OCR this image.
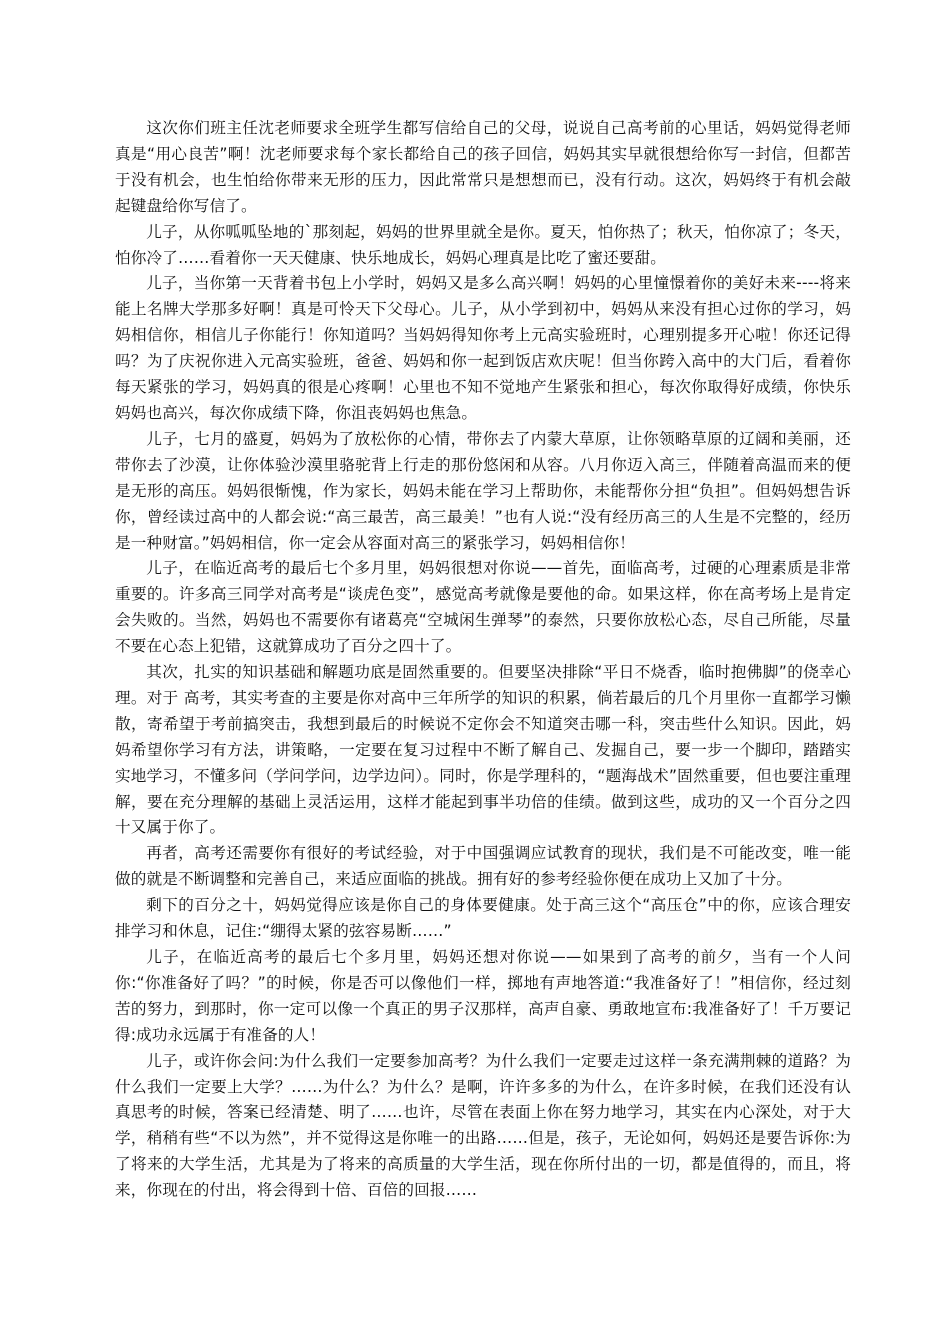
这次你们班主任沈老师要求全班学生都写信给自己的父母，说说自己高考前的心里话，妈妈觉得老师真是“用心良苦”啊！沈老师要求每个家长都给自己的孩子回信，妈妈其实早就很想给你写一封信，但都苦于没有机会，也生怕给你带来无形的压力，因此常常只是想想而已，没有行动。这次，妈妈终于有机会敲起键盘给你写信了。

儿子，从你呱呱坠地的`那刻起，妈妈的世界里就全是你。夏天，怕你热了；秋天，怕你凉了；冬天，怕你冷了……看着你一天天健康、快乐地成长，妈妈心理真是比吃了蜜还要甜。

儿子，当你第一天背着书包上小学时，妈妈又是多么高兴啊！妈妈的心里憧憬着你的美好未来----将来能上名牌大学那多好啊！真是可怜天下父母心。儿子，从小学到初中，妈妈从来没有担心过你的学习，妈妈相信你，相信儿子你能行！你知道吗？当妈妈得知你考上元高实验班时，心理别提多开心啦！你还记得吗？为了庆祝你进入元高实验班，爸爸、妈妈和你一起到饭店欢庆呢！但当你跨入高中的大门后，看着你每天紧张的学习，妈妈真的很是心疼啊！心里也不知不觉地产生紧张和担心，每次你取得好成绩，你快乐妈妈也高兴，每次你成绩下降，你沮丧妈妈也焦急。

儿子，七月的盛夏，妈妈为了放松你的心情，带你去了内蒙大草原，让你领略草原的辽阔和美丽，还带你去了沙漠，让你体验沙漠里骆驼背上行走的那份悠闲和从容。八月你迈入高三，伴随着高温而来的便是无形的高压。妈妈很惭愧，作为家长，妈妈未能在学习上帮助你，未能帮你分担“负担”。但妈妈想告诉你，曾经读过高中的人都会说:“高三最苦，高三最美！”也有人说:“没有经历高三的人生是不完整的，经历是一种财富。”妈妈相信，你一定会从容面对高三的紧张学习，妈妈相信你！

儿子，在临近高考的最后七个多月里，妈妈很想对你说——首先，面临高考，过硬的心理素质是非常重要的。许多高三同学对高考是“谈虎色变”，感觉高考就像是要他的命。如果这样，你在高考场上是肯定会失败的。当然，妈妈也不需要你有诸葛亮“空城闲生弹琴”的泰然，只要你放松心态，尽自己所能，尽量不要在心态上犯错，这就算成功了百分之四十了。

其次，扎实的知识基础和解题功底是固然重要的。但要坚决排除“平日不烧香，临时抱佛脚”的侥幸心理。对于 高考，其实考查的主要是你对高中三年所学的知识的积累，倘若最后的几个月里你一直都学习懒散，寄希望于考前搞突击，我想到最后的时候说不定你会不知道突击哪一科，突击些什么知识。因此，妈妈希望你学习有方法，讲策略，一定要在复习过程中不断了解自己、发掘自己，要一步一个脚印，踏踏实实地学习，不懂多问（学问学问，边学边问）。同时，你是学理科的，“题海战术”固然重要，但也要注重理解，要在充分理解的基础上灵活运用，这样才能起到事半功倍的佳绩。做到这些，成功的又一个百分之四十又属于你了。

再者，高考还需要你有很好的考试经验，对于中国强调应试教育的现状，我们是不可能改变，唯一能做的就是不断调整和完善自己，来适应面临的挑战。拥有好的参考经验你便在成功上又加了十分。

剩下的百分之十，妈妈觉得应该是你自己的身体要健康。处于高三这个“高压仓”中的你，应该合理安排学习和休息，记住:“绷得太紧的弦容易断……”

儿子，在临近高考的最后七个多月里，妈妈还想对你说——如果到了高考的前夕，当有一个人问你:“你准备好了吗？”的时候，你是否可以像他们一样，掷地有声地答道:“我准备好了！”相信你，经过刻苦的努力，到那时，你一定可以像一个真正的男子汉那样，高声自豪、勇敢地宣布:我准备好了！千万要记得:成功永远属于有准备的人！

儿子，或许你会问:为什么我们一定要参加高考？为什么我们一定要走过这样一条充满荆棘的道路？为什么我们一定要上大学？……为什么？为什么？是啊，许许多多的为什么，在许多时候，在我们还没有认真思考的时候，答案已经清楚、明了……也许，尽管在表面上你在努力地学习，其实在内心深处，对于大学，稍稍有些“不以为然”，并不觉得这是你唯一的出路……但是，孩子，无论如何，妈妈还是要告诉你:为了将来的大学生活，尤其是为了将来的高质量的大学生活，现在你所付出的一切，都是值得的，而且，将来，你现在的付出，将会得到十倍、百倍的回报……
